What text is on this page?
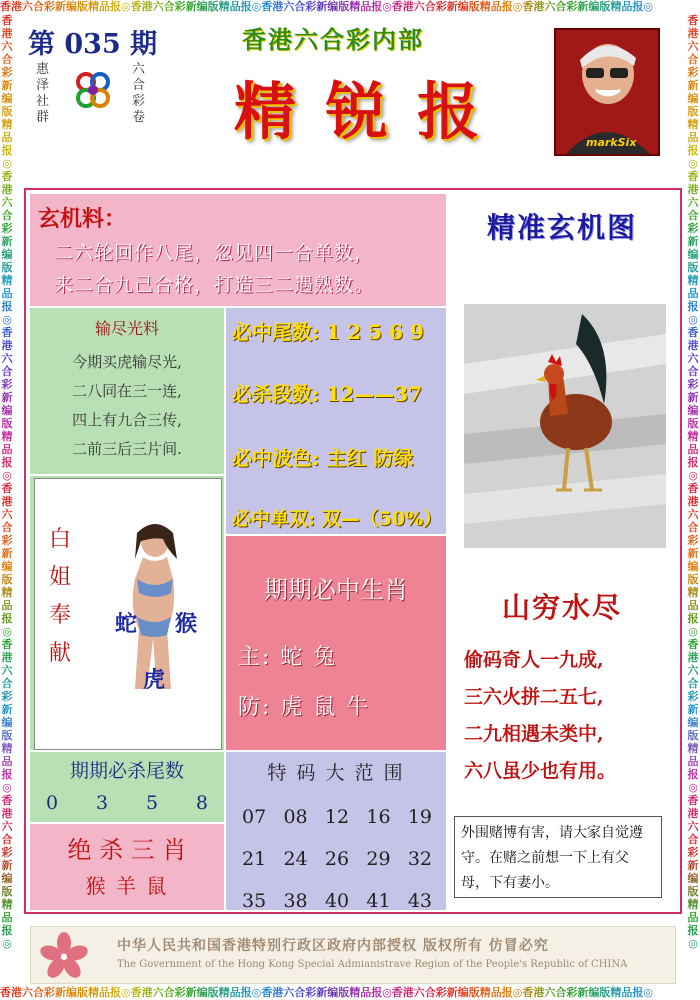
香港六合彩新编版精品报◎香港六合彩新编版精品报◎香港六合彩新编版精品报◎香港六合彩新编版精品报◎香港六合彩新编版精品报◎
香港六合彩新编版精品报◎香港六合彩新编版精品报◎香港六合彩新编版精品报◎香港六合彩新编版精品报◎香港六合彩新编版精品报◎
香港六合彩新编版精品报◎香港六合彩新编版精品报◎香港六合彩新编版精品报◎香港六合彩新编版精品报◎香港六合彩新编版精品报◎香港六合彩新编版精品报◎
香港六合彩新编版精品报◎香港六合彩新编版精品报◎香港六合彩新编版精品报◎香港六合彩新编版精品报◎香港六合彩新编版精品报◎香港六合彩新编版精品报◎
第 035 期
惠泽社群
六合彩卷
香港六合彩内部
精 锐 报	markSix
玄机料：
二六轮回作八尾，忽见四一合单数，
来二合九己合格，打造三二遇熟数。
输尽光料
今期买虎输尽光,
二八同在三一连,
四上有九合三传,
二前三后三片间.
必中尾数: 1 2 5 6 9
必杀段数: 12——37
必中波色: 主红 防绿
必中单双: 双—（50%）
白
姐
奉
献
蛇 猴
虎
期期必中生肖
主: 蛇 兔
防: 虎 鼠 牛
期期必杀尾数
0 3 5 8
绝 杀 三 肖
猴 羊 鼠
特 码 大 范 围
07 08 12 16 19
21 24 26 29 32
35 38 40 41 43
精准玄机图
山穷水尽
偷码奇人一九成,
三六火拼二五七,
二九相遇未类中,
六八虽少也有用。
外围赌博有害，请大家自觉遵守。在赌之前想一下上有父母，下有妻小。
中华人民共和国香港特别行政区政府内部授权 版权所有 仿冒必究
The Government of the Hong Kong Special Admianistrave Region of the People's Republic of CHINA
